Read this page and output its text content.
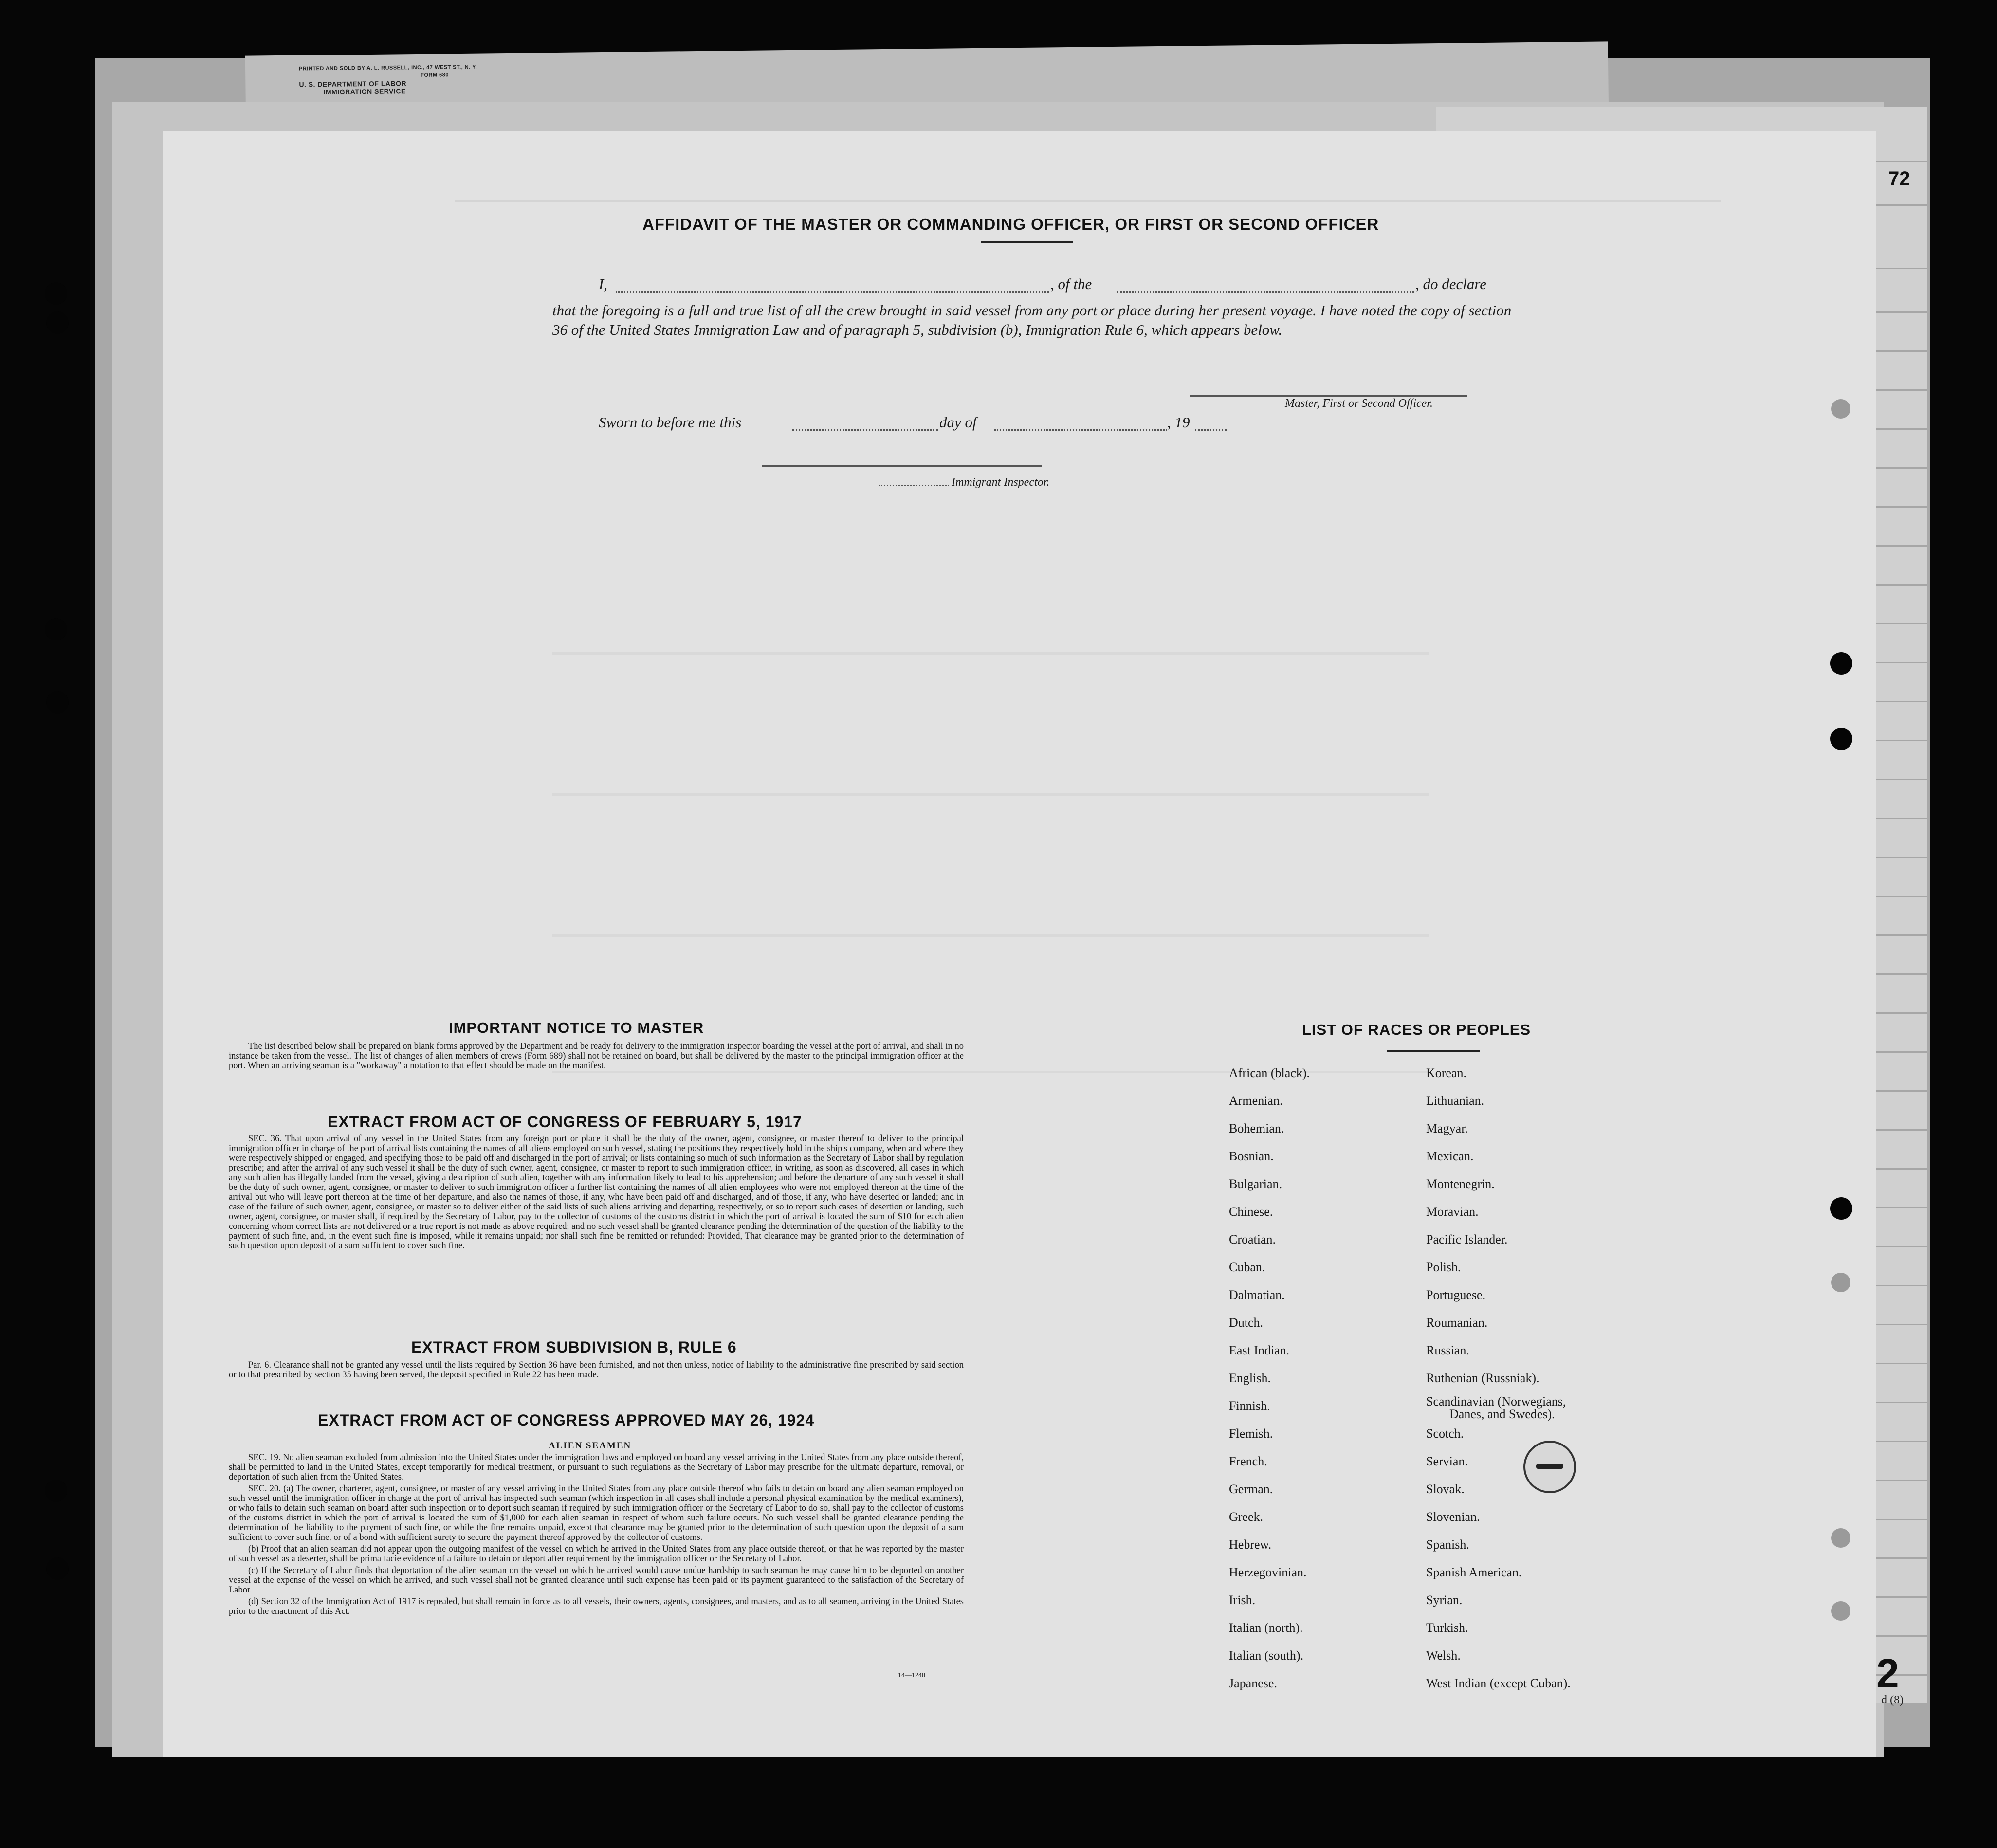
PRINTED AND SOLD BY A. L. RUSSELL, INC., 47 WEST ST., N. Y.
FORM 680
U. S. DEPARTMENT OF LABOR
IMMIGRATION SERVICE
72
2
d (8)
AFFIDAVIT OF THE MASTER OR COMMANDING OFFICER, OR FIRST OR SECOND OFFICER
I,	, of the	, do declare
that the foregoing is a full and true list of all the crew brought in said vessel from any port or place during her present voyage. I have noted the copy of section 36 of the United States Immigration Law and of paragraph 5, subdivision (b), Immigration Rule 6, which appears below.
Master, First or Second Officer.
Sworn to before me this	day of	, 19
Immigrant Inspector.
IMPORTANT NOTICE TO MASTER

The list described below shall be prepared on blank forms approved by the Department and be ready for delivery to the immigration inspector boarding the vessel at the port of arrival, and shall in no instance be taken from the vessel. The list of changes of alien members of crews (Form 689) shall not be retained on board, but shall be delivered by the master to the principal immigration officer at the port. When an arriving seaman is a "workaway" a notation to that effect should be made on the manifest.

EXTRACT FROM ACT OF CONGRESS OF FEBRUARY 5, 1917

SEC. 36. That upon arrival of any vessel in the United States from any foreign port or place it shall be the duty of the owner, agent, consignee, or master thereof to deliver to the principal immigration officer in charge of the port of arrival lists containing the names of all aliens employed on such vessel, stating the positions they respectively hold in the ship's company, when and where they were respectively shipped or engaged, and specifying those to be paid off and discharged in the port of arrival; or lists containing so much of such information as the Secretary of Labor shall by regulation prescribe; and after the arrival of any such vessel it shall be the duty of such owner, agent, consignee, or master to report to such immigration officer, in writing, as soon as discovered, all cases in which any such alien has illegally landed from the vessel, giving a description of such alien, together with any information likely to lead to his apprehension; and before the departure of any such vessel it shall be the duty of such owner, agent, consignee, or master to deliver to such immigration officer a further list containing the names of all alien employees who were not employed thereon at the time of the arrival but who will leave port thereon at the time of her departure, and also the names of those, if any, who have been paid off and discharged, and of those, if any, who have deserted or landed; and in case of the failure of such owner, agent, consignee, or master so to deliver either of the said lists of such aliens arriving and departing, respectively, or so to report such cases of desertion or landing, such owner, agent, consignee, or master shall, if required by the Secretary of Labor, pay to the collector of customs of the customs district in which the port of arrival is located the sum of $10 for each alien concerning whom correct lists are not delivered or a true report is not made as above required; and no such vessel shall be granted clearance pending the determination of the question of the liability to the payment of such fine, and, in the event such fine is imposed, while it remains unpaid; nor shall such fine be remitted or refunded: Provided, That clearance may be granted prior to the determination of such question upon deposit of a sum sufficient to cover such fine.

EXTRACT FROM SUBDIVISION B, RULE 6

Par. 6. Clearance shall not be granted any vessel until the lists required by Section 36 have been furnished, and not then unless, notice of liability to the administrative fine prescribed by said section or to that prescribed by section 35 having been served, the deposit specified in Rule 22 has been made.

EXTRACT FROM ACT OF CONGRESS APPROVED MAY 26, 1924
ALIEN SEAMEN

SEC. 19. No alien seaman excluded from admission into the United States under the immigration laws and employed on board any vessel arriving in the United States from any place outside thereof, shall be permitted to land in the United States, except temporarily for medical treatment, or pursuant to such regulations as the Secretary of Labor may prescribe for the ultimate departure, removal, or deportation of such alien from the United States.

SEC. 20. (a) The owner, charterer, agent, consignee, or master of any vessel arriving in the United States from any place outside thereof who fails to detain on board any alien seaman employed on such vessel until the immigration officer in charge at the port of arrival has inspected such seaman (which inspection in all cases shall include a personal physical examination by the medical examiners), or who fails to detain such seaman on board after such inspection or to deport such seaman if required by such immigration officer or the Secretary of Labor to do so, shall pay to the collector of customs of the customs district in which the port of arrival is located the sum of $1,000 for each alien seaman in respect of whom such failure occurs. No such vessel shall be granted clearance pending the determination of the liability to the payment of such fine, or while the fine remains unpaid, except that clearance may be granted prior to the determination of such question upon the deposit of a sum sufficient to cover such fine, or of a bond with sufficient surety to secure the payment thereof approved by the collector of customs.

(b) Proof that an alien seaman did not appear upon the outgoing manifest of the vessel on which he arrived in the United States from any place outside thereof, or that he was reported by the master of such vessel as a deserter, shall be prima facie evidence of a failure to detain or deport after requirement by the immigration officer or the Secretary of Labor.

(c) If the Secretary of Labor finds that deportation of the alien seaman on the vessel on which he arrived would cause undue hardship to such seaman he may cause him to be deported on another vessel at the expense of the vessel on which he arrived, and such vessel shall not be granted clearance until such expense has been paid or its payment guaranteed to the satisfaction of the Secretary of Labor.

(d) Section 32 of the Immigration Act of 1917 is repealed, but shall remain in force as to all vessels, their owners, agents, consignees, and masters, and as to all seamen, arriving in the United States prior to the enactment of this Act.

14—1240
LIST OF RACES OR PEOPLES
African (black).
Armenian.
Bohemian.
Bosnian.
Bulgarian.
Chinese.
Croatian.
Cuban.
Dalmatian.
Dutch.
East Indian.
English.
Finnish.
Flemish.
French.
German.
Greek.
Hebrew.
Herzegovinian.
Irish.
Italian (north).
Italian (south).
Japanese.
Korean.
Lithuanian.
Magyar.
Mexican.
Montenegrin.
Moravian.
Pacific Islander.
Polish.
Portuguese.
Roumanian.
Russian.
Ruthenian (Russniak).
Scandinavian (Norwegians,
Danes, and Swedes).
Scotch.
Servian.
Slovak.
Slovenian.
Spanish.
Spanish American.
Syrian.
Turkish.
Welsh.
West Indian (except Cuban).
